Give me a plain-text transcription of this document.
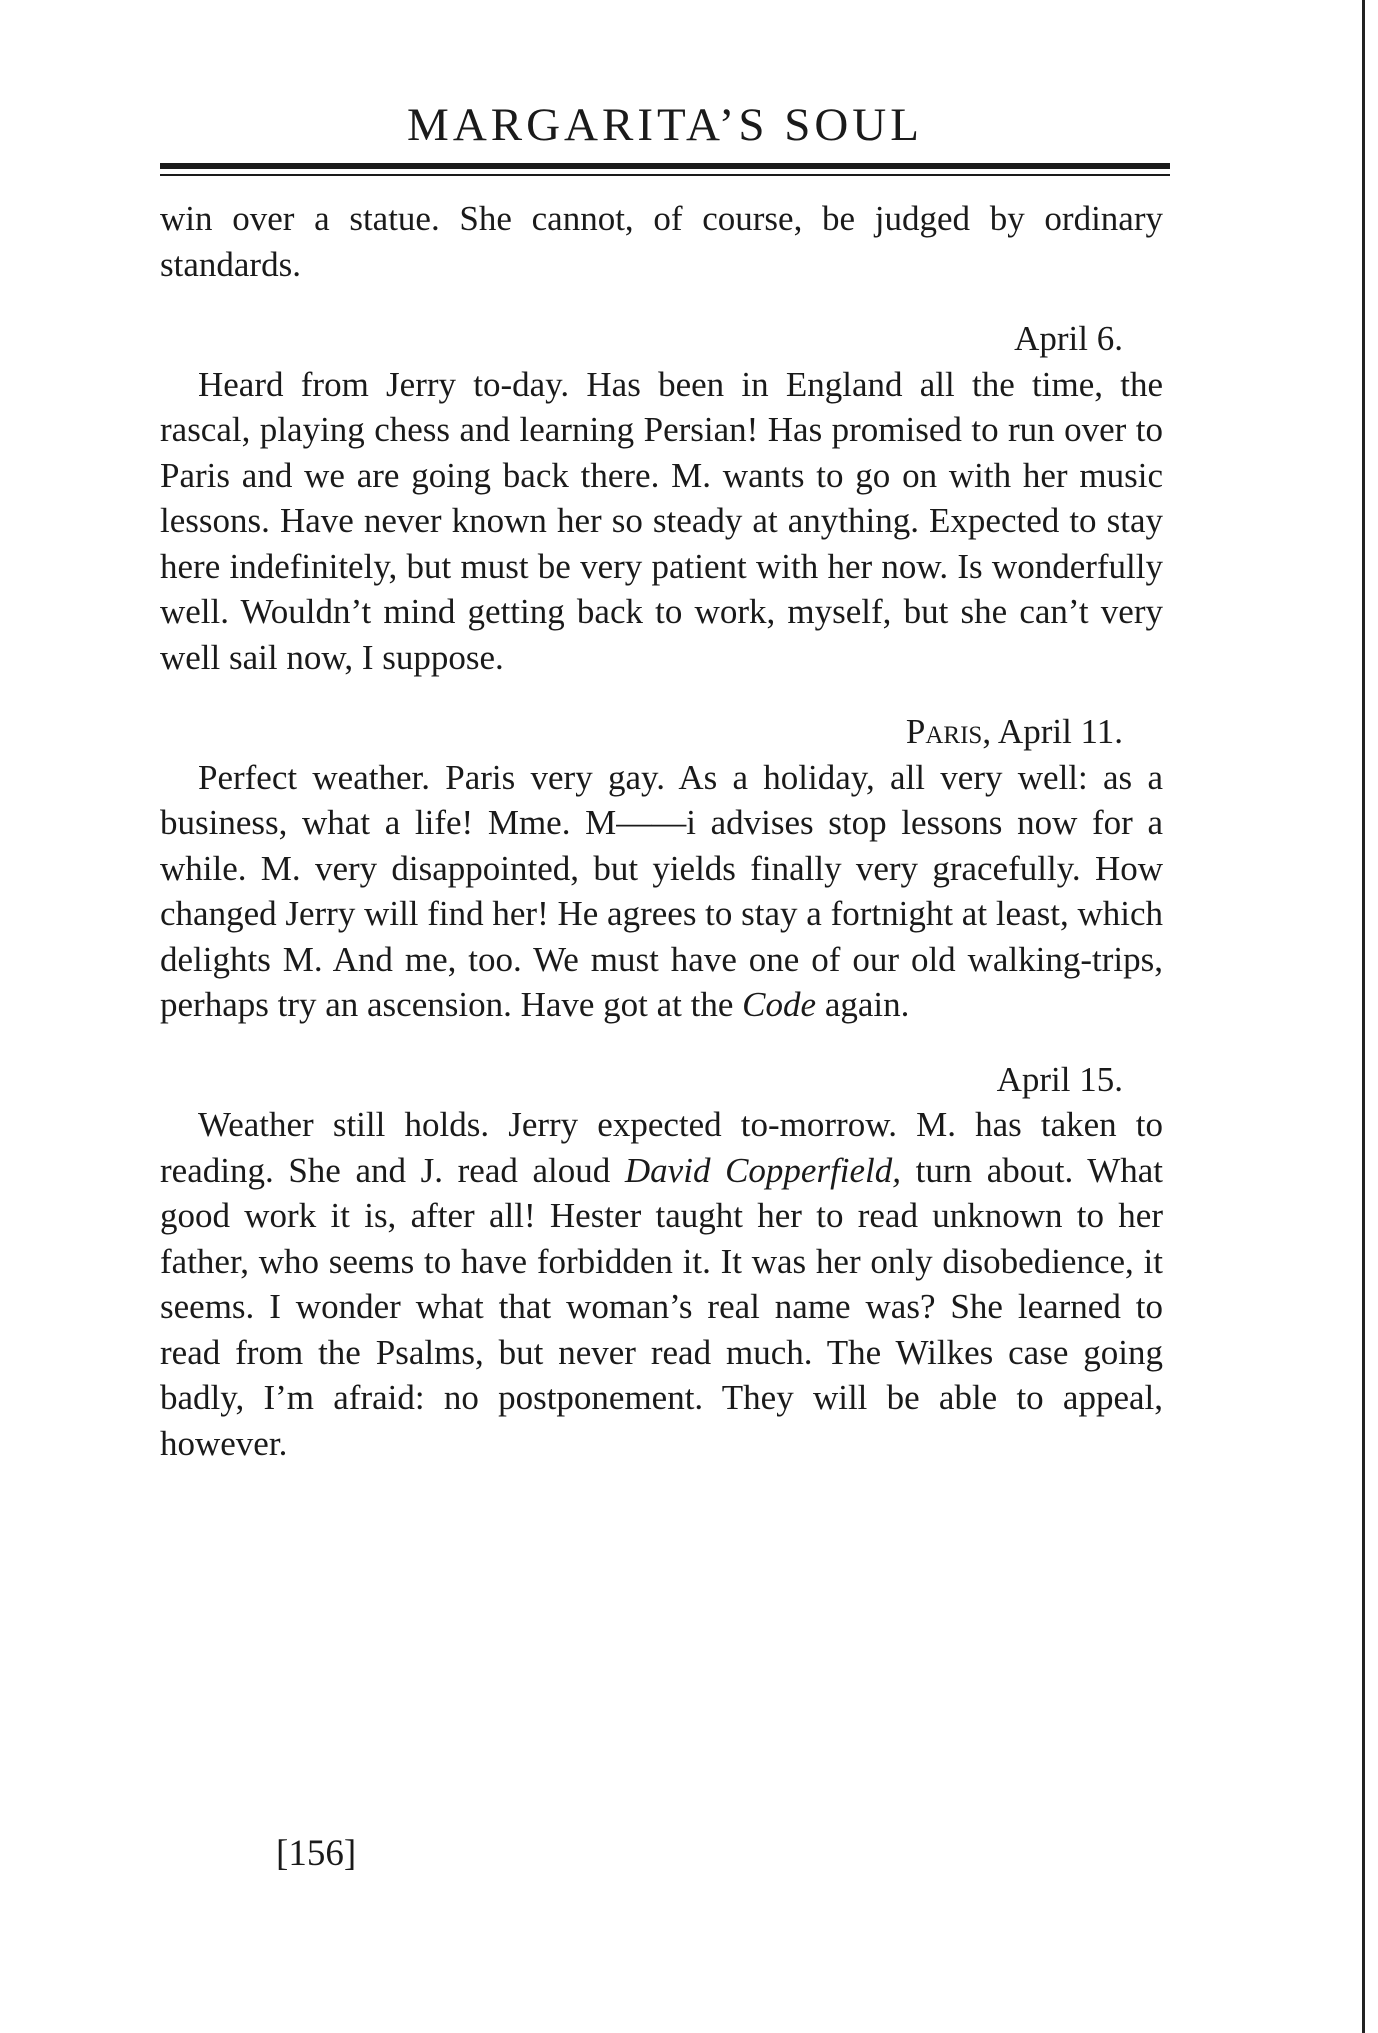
MARGARITA’S SOUL

win over a statue. She cannot, of course, be judged by ordinary standards.

April 6.

Heard from Jerry to-day. Has been in England all the time, the rascal, playing chess and learning Persian! Has promised to run over to Paris and we are going back there. M. wants to go on with her music lessons. Have never known her so steady at anything. Expected to stay here indefinitely, but must be very patient with her now. Is wonderfully well. Wouldn’t mind getting back to work, myself, but she can’t very well sail now, I suppose.

Paris, April 11.

Perfect weather. Paris very gay. As a holiday, all very well: as a business, what a life! Mme. M——i advises stop lessons now for a while. M. very disappointed, but yields finally very gracefully. How changed Jerry will find her! He agrees to stay a fortnight at least, which delights M. And me, too. We must have one of our old walking-trips, perhaps try an ascension. Have got at the Code again.

April 15.

Weather still holds. Jerry expected to-morrow. M. has taken to reading. She and J. read aloud David Copperfield, turn about. What good work it is, after all! Hester taught her to read unknown to her father, who seems to have forbidden it. It was her only disobedience, it seems. I wonder what that woman’s real name was? She learned to read from the Psalms, but never read much. The Wilkes case going badly, I’m afraid: no postponement. They will be able to appeal, however.

[156]
